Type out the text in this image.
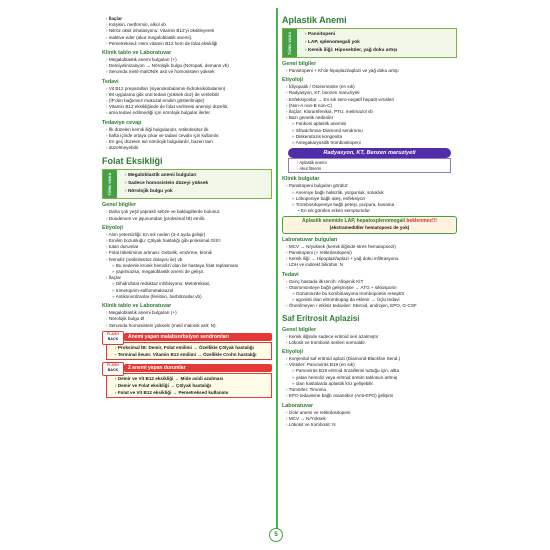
› İlaçlar
› Kolşisin, metformin, alkol vb.
› Nitröz oksit inhalasyonu: Vitamin B12'yi oksitleyerek
› inaktive eder (akut megaloblastik anemi).
› Pemetreksed: Hem vitamin B12 hem de folat eksikliği
Klinik tablo ve Laboratuvar
› Megaloblastik anemi bulguları (+)
› Demiyelinizasyon → Nörolojik bulgu (Nöropati, demans vb)
› Serumda metil-malONİK asit ve homosistein yüksek
Tedavi
› Vit B12 preparatları (siyanokobalamin-hidroksikobalamin)
› IM uygulama gibi oral tedavi (yüksek doz) de verilebilir
› (İF'den bağımsız mukozal emilim gösterilmiştir)
› Vitamin B12 eksikliğinde de folat verilmesi anemiyi düzeltir,
› ama tedavi edilmediği için nörolojik bulgular ilerler.
Tedaviye cevap
› İlk düzelen kemik iliği bulgularıdır, retikülositoz ilk
› hafta içinde ortaya çıkar ve tadavi cevabı için kullanılır.
› En geç düzelen ise nörolojik bulgulardır, bazen tam
› düzelmeyebilir.
Folat Eksikliği
TÜRK VAKA	› Megaloblastik anemi bulguları
› Sadece homosistein düzeyi yüksek
› Nörolojik bulgu yok
Genel bilgiler
› Daha çok yeşil yapraklı sebze ve baklagillerde bulunur.
› Duodenum ve jejunumdan (proksimal İB) emilir.
Etiyoloji
› Alım yetersizliği: En sık neden (3-4 ayda gelişir)
› Emilim bozukluğu: Çölyak hastalığı gibi proksimal GİS'i
› tutan durumlar
› Folat tüketiminin artması: Gebelik, emzirme, kronik
› hemoliz (retikülositoz dolayısı ile) vb
» Bu nedenle kronik hemolizi olan bir hastaya folat replasmanı
» yapılmazsa, megaloblastik anemi de gelişir.
› İlaçlar
» Dihidrofolat redüktaz inhibisyonu: Metotreksat,
» trimetoprim-sülfometaksazol
» Antikonvülzanlar (fenitoin, barbitüratlar vb)
Klinik tablo ve Laboratuvar
› Megaloblastik anemi bulguları (+)
› Nörolojik bulgu Ø
› Serumda homosistein yükselir (metil malonik asit: N).
FLASH
BACK	Anemi yapan malabsorbsiyon sendromları
› Proksimal İB: Demir, Folat emilimi → Özellikle Çölyak hastalığı
› Terminal ileum: Vitamin B12 emilimi → Özellikle Crohn hastalığı
FLASH
BACK	2 anemi yapan durumlar
› Demir ve Vit B12 eksikliği → Mide asidi azalması
› Demir ve Folat eksikliği → Çölyak hastalığı
› Folat ve Vit B12 eksikliği → Pemetreksed kullanımı
Aplastik Anemi
TÜRK VAKA	› Pansitopeni
› LAP, splenomegali yok
› Kemik iliği: Hiposelüler, yağ doku artışı
Genel bilgiler
› Pansitopeni + Kİ'de hipoplazi/aplazi ve yağ doku artışı
Etiyoloji
› İdiyopatik / Otoimmünite (en sık)
› Radyasyon, KT, benzen maruziyeti
› Enfeksiyonlar → En sık sero-negatif hepatit virüsleri
› (Non-A non-B non-C)
› İlaçlar: Kloramfenikol, PTU, metimazol vb
› Bazı genetik nedenler
» Fankoni aplastik anemisi
» Shwachman-Diamond sendromu
» Diskeratozis kongenita
» Amegakaryositik trombositopeni
Radyasyon, KT, Benzen maruziyeti
› Aplastik anemi
› Akut lösemi
Klinik bulgular
› Pansitopeni bulguları görülür:
» Anemiye bağlı halsizlik, yorgunluk, solukluk
» Lökopeniye bağlı ateş, enfeksiyon
» Trombositopeniye bağlı peteşi, purpura, kanama
• En sık görülen erken semptomdur.
Aplastik anemide LAP, hepatosplenomegali beklenmez!!!
(ekstramedüller hematopoez de yok)
Laboratuvar bulguları
› MCV → N/yüksek (kemik iliğinde stres hematopoezi)
› Pansitopeni (+ retikülositopeni)
› Kemik iliği → Hipoplazi/aplazi + yağ doku infiltrasyonu
› LDH ve indirekt bilirübin: N
Tedavi
› Genç hastada ilk tercih: Allojenik KİT
› Otoimmüniteye bağlı gelişmişse → ATG + siklosporin
» Günümüzde bu kombinasyona trombopoetin reseptör
» agonisti olan eltrombopag da eklenir → Üçlü tedavi
› Önerilmeyen / etkisiz tedaviler: Steroid, androjen, EPO, G-CSF
Saf Eritrosit Aplazisi
Genel bilgiler
› Kemik iliğinde sadece eritroid seri azalmıştır
› Lökosit ve trombosit serileri normaldir.
Etiyoloji
› Konjenital saf eritroid aplazi (Diamond-Blackfan Send.)
› Virüsler: Parvovirüs B19 (en sık)
» Parvovirüs B19 eritroid öncüllerini tuttuğu için, altta
» yatan hemoliz veya eritroid üretim tablosun artmış
» olan hastalarda aplastik kriz gelişebilir.
› Tümörler: Timoma
› EPO tedavisine bağlı otoantikor (Anti-EPO) gelişimi
Laboratuvar
› İzole anemi ve retikülositopeni
› MCV → N/Yüksek
› Lökosit ve trombosit: N
5
